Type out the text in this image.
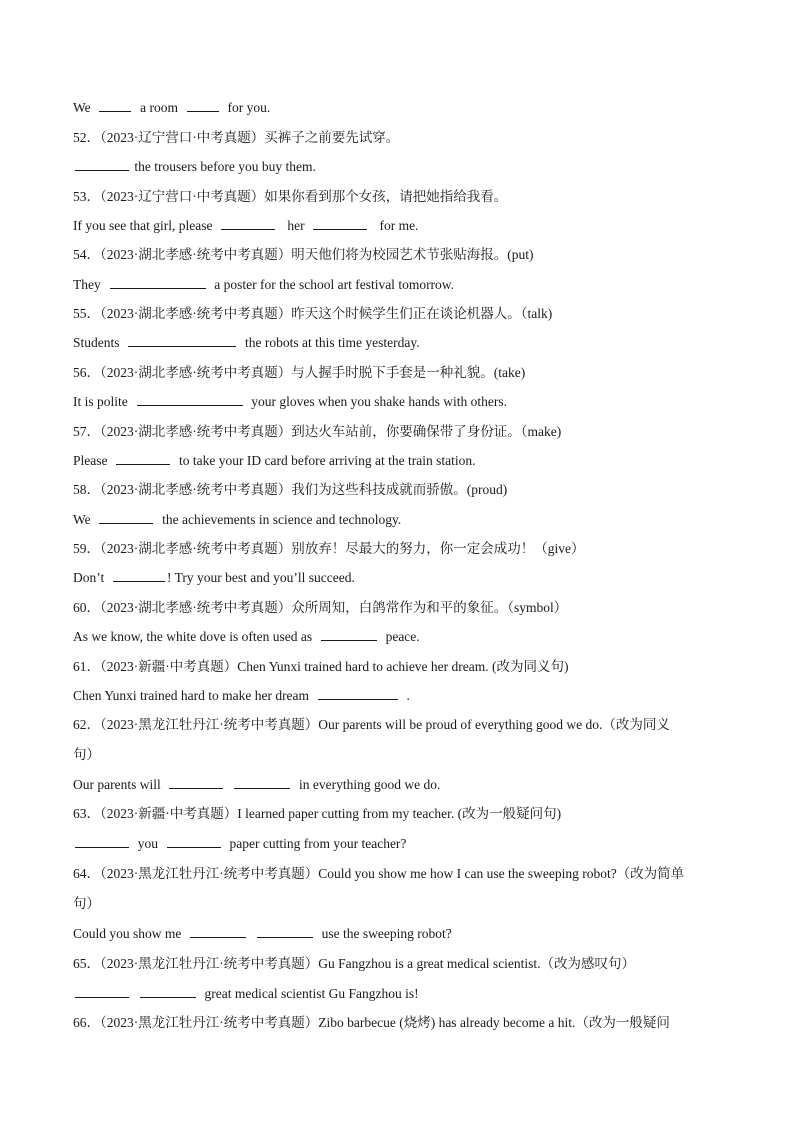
We	a room	for you.
52．（2023·辽宁营口·中考真题）买裤子之前要先试穿。
the trousers before you buy them.
53．（2023·辽宁营口·中考真题）如果你看到那个女孩，请把她指给我看。
If you see that girl, please	her	for me.
54．（2023·湖北孝感·统考中考真题）明天他们将为校园艺术节张贴海报。(put)
They	a poster for the school art festival tomorrow.
55．（2023·湖北孝感·统考中考真题）昨天这个时候学生们正在谈论机器人。（talk)
Students	the robots at this time yesterday.
56．（2023·湖北孝感·统考中考真题）与人握手时脱下手套是一种礼貌。(take)
It is polite	your gloves when you shake hands with others.
57．（2023·湖北孝感·统考中考真题）到达火车站前，你要确保带了身份证。（make)
Please	to take your ID card before arriving at the train station.
58．（2023·湖北孝感·统考中考真题）我们为这些科技成就而骄傲。(proud)
We	the achievements in science and technology.
59．（2023·湖北孝感·统考中考真题）别放弃！尽最大的努力，你一定会成功！（give）
Don’t	! Try your best and you’ll succeed.
60．（2023·湖北孝感·统考中考真题）众所周知，白鸽常作为和平的象征。（symbol）
As we know, the white dove is often used as	peace.
61．（2023·新疆·中考真题）Chen Yunxi trained hard to achieve her dream. (改为同义句)
Chen Yunxi trained hard to make her dream	.
62．（2023·黑龙江牡丹江·统考中考真题）Our parents will be proud of everything good we do.（改为同义
句）
Our parents will	in everything good we do.
63．（2023·新疆·中考真题）I learned paper cutting from my teacher. (改为一般疑问句)
you	paper cutting from your teacher?
64．（2023·黑龙江牡丹江·统考中考真题）Could you show me how I can use the sweeping robot?（改为简单
句）
Could you show me	use the sweeping robot?
65．（2023·黑龙江牡丹江·统考中考真题）Gu Fangzhou is a great medical scientist.（改为感叹句）
great medical scientist Gu Fangzhou is!
66．（2023·黑龙江牡丹江·统考中考真题）Zibo barbecue (烧烤) has already become a hit.（改为一般疑问
